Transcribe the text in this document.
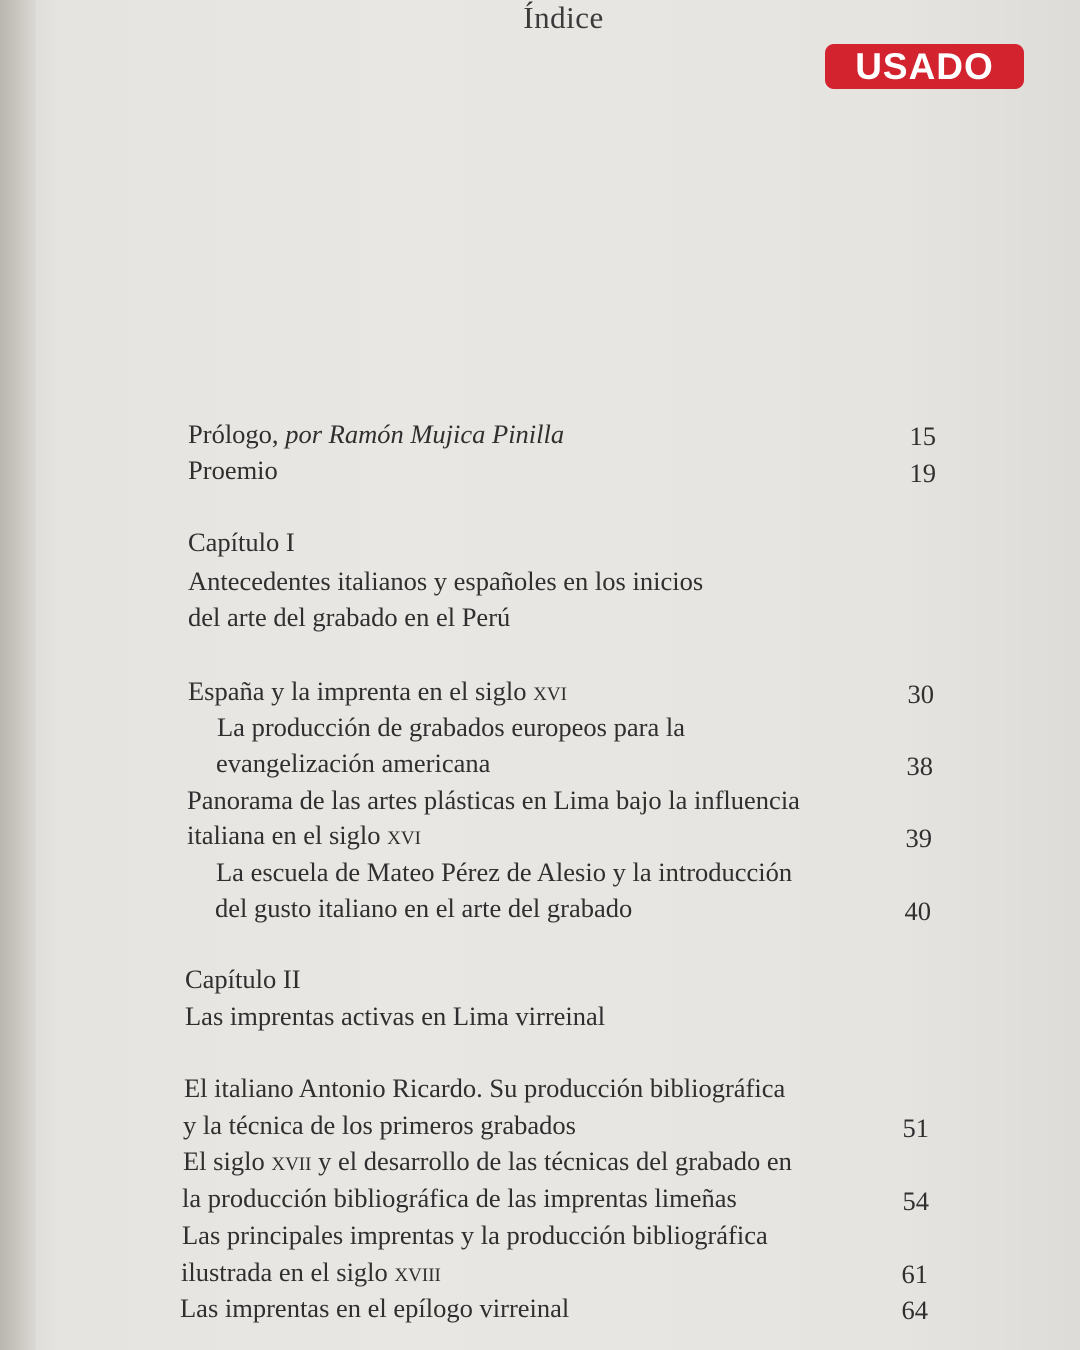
Índice
USADO
Prólogo, por Ramón Mujica Pinilla	15
Proemio	19
Capítulo I
Antecedentes italianos y españoles en los inicios
del arte del grabado en el Perú
España y la imprenta en el siglo xvi	30
La producción de grabados europeos para la
evangelización americana	38
Panorama de las artes plásticas en Lima bajo la influencia
italiana en el siglo xvi	39
La escuela de Mateo Pérez de Alesio y la introducción
del gusto italiano en el arte del grabado	40
Capítulo II
Las imprentas activas en Lima virreinal
El italiano Antonio Ricardo. Su producción bibliográfica
y la técnica de los primeros grabados	51
El siglo xvii y el desarrollo de las técnicas del grabado en
la producción bibliográfica de las imprentas limeñas	54
Las principales imprentas y la producción bibliográfica
ilustrada en el siglo xviii	61
Las imprentas en el epílogo virreinal	64
